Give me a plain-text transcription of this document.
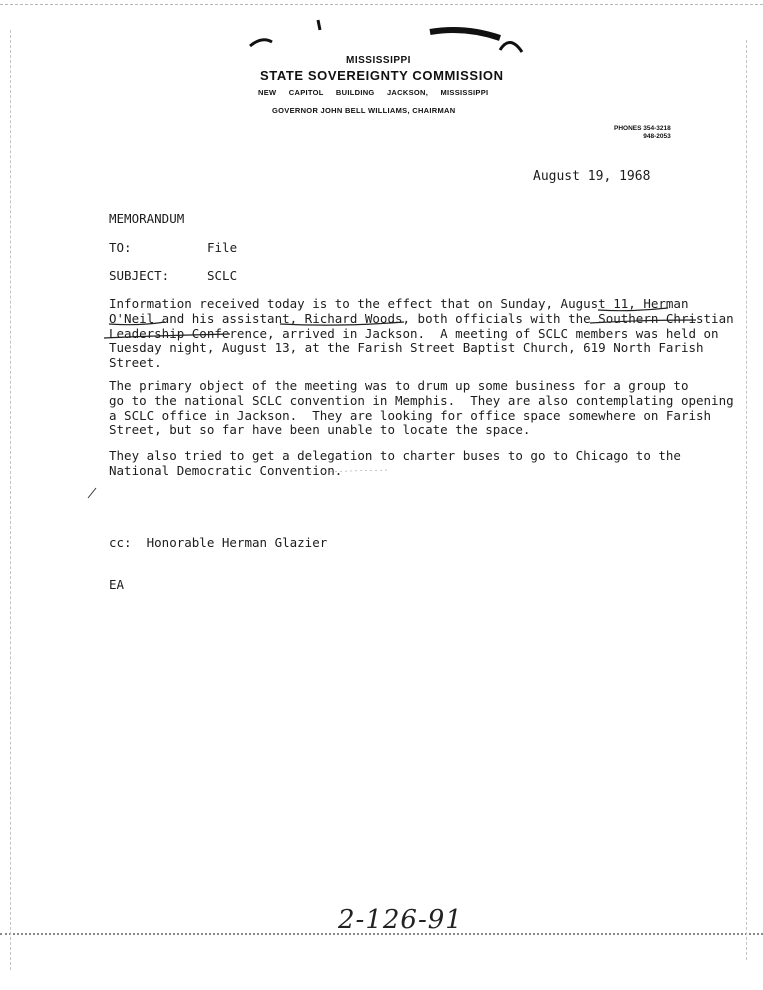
MISSISSIPPI
STATE SOVEREIGNTY COMMISSION
NEW CAPITOL BUILDING JACKSON, MISSISSIPPI
GOVERNOR JOHN BELL WILLIAMS, CHAIRMAN
PHONES 354-3218
948-2053
August 19, 1968
MEMORANDUM
TO:	File
SUBJECT:	SCLC
Information received today is to the effect that on Sunday, August 11, Herman
O'Neil and his assistant, Richard Woods, both officials with the Southern Christian
Leadership Conference, arrived in Jackson.  A meeting of SCLC members was held on
Tuesday night, August 13, at the Farish Street Baptist Church, 619 North Farish
Street.
The primary object of the meeting was to drum up some business for a group to
go to the national SCLC convention in Memphis.  They are also contemplating opening
a SCLC office in Jackson.  They are looking for office space somewhere on Farish
Street, but so far have been unable to locate the space.
They also tried to get a delegation to charter buses to go to Chicago to the
National Democratic Convention.
cc:  Honorable Herman Glazier
EA
2-126-91
